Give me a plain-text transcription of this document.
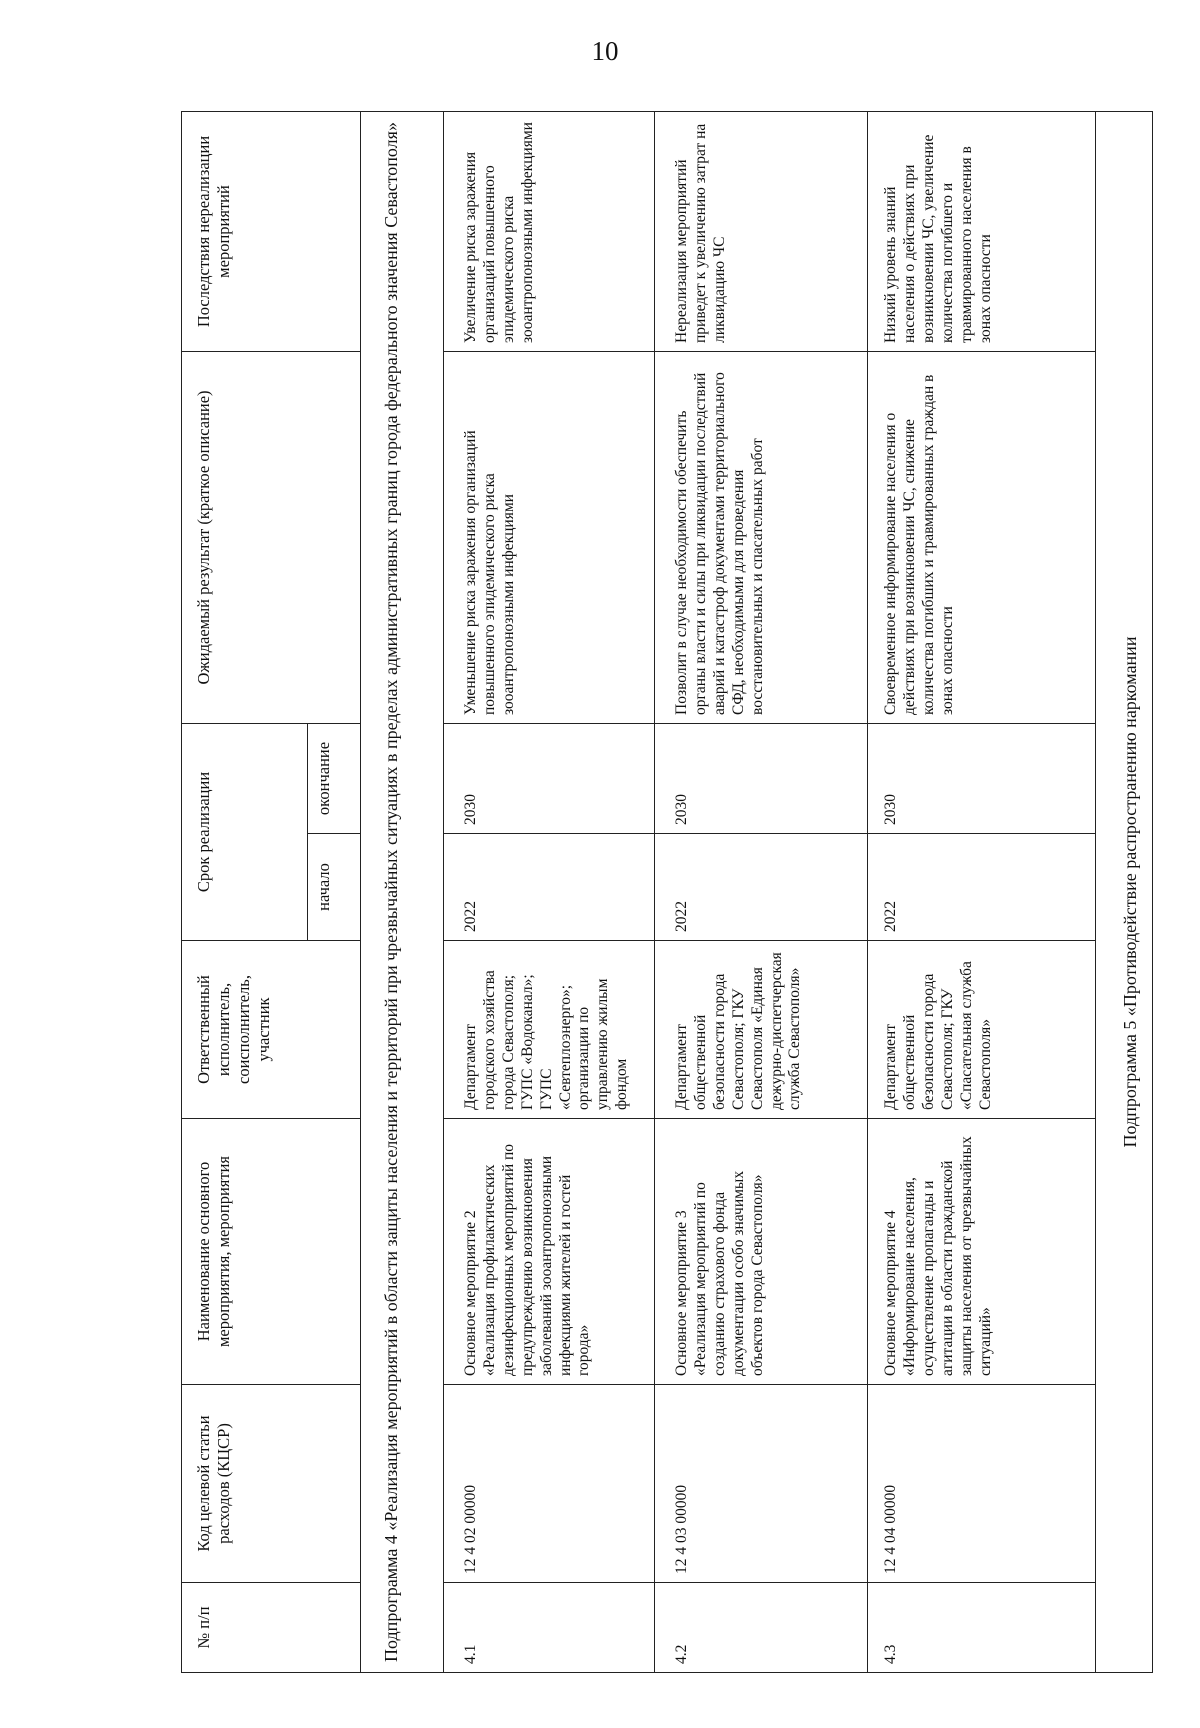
10
№ п/п	Код целевой статьи расходов (КЦСР)	Наименование основного мероприятия, мероприятия	Ответственный исполнитель, соисполнитель, участник	Срок реализации		Ожидаемый результат (краткое описание)	Последствия нереализации мероприятий
				начало	окончание		
Подпрограмма 4 «Реализация мероприятий в области защиты населения и территорий при чрезвычайных ситуациях в пределах административных границ города федерального значения Севастополя»							
4.1	12 4 02 00000	Основное мероприятие 2 «Реализация профилактических дезинфекционных мероприятий по предупреждению возникновения заболеваний зооантропонозными инфекциями жителей и гостей города»	Департамент городского хозяйства города Севастополя; ГУПС «Водоканал»; ГУПС «Севтеплоэнерго»; организации по управлению жилым фондом	2022	2030	Уменьшение риска заражения организаций повышенного эпидемического риска зооантропонозными инфекциями	Увеличение риска заражения организаций повышенного эпидемического риска зооантропонозными инфекциями
4.2	12 4 03 00000	Основное мероприятие 3 «Реализация мероприятий по созданию страхового фонда документации особо значимых объектов города Севастополя»	Департамент общественной безопасности города Севастополя; ГКУ Севастополя «Единая дежурно-диспетчерская служба Севастополя»	2022	2030	Позволит в случае необходимости обеспечить органы власти и силы при ликвидации последствий аварий и катастроф документами территориального СФД, необходимыми для проведения восстановительных и спасательных работ	Нереализация мероприятий приведет к увеличению затрат на ликвидацию ЧС
4.3	12 4 04 00000	Основное мероприятие 4 «Информирование населения, осуществление пропаганды и агитации в области гражданской защиты населения от чрезвычайных ситуаций»	Департамент общественной безопасности города Севастополя; ГКУ «Спасательная служба Севастополя»	2022	2030	Своевременное информирование населения о действиях при возникновении ЧС, снижение количества погибших и травмированных граждан в зонах опасности	Низкий уровень знаний населения о действиях при возникновении ЧС, увеличение количества погибшего и травмированного населения в зонах опасности
Подпрограмма 5 «Противодействие распространению наркомании							
